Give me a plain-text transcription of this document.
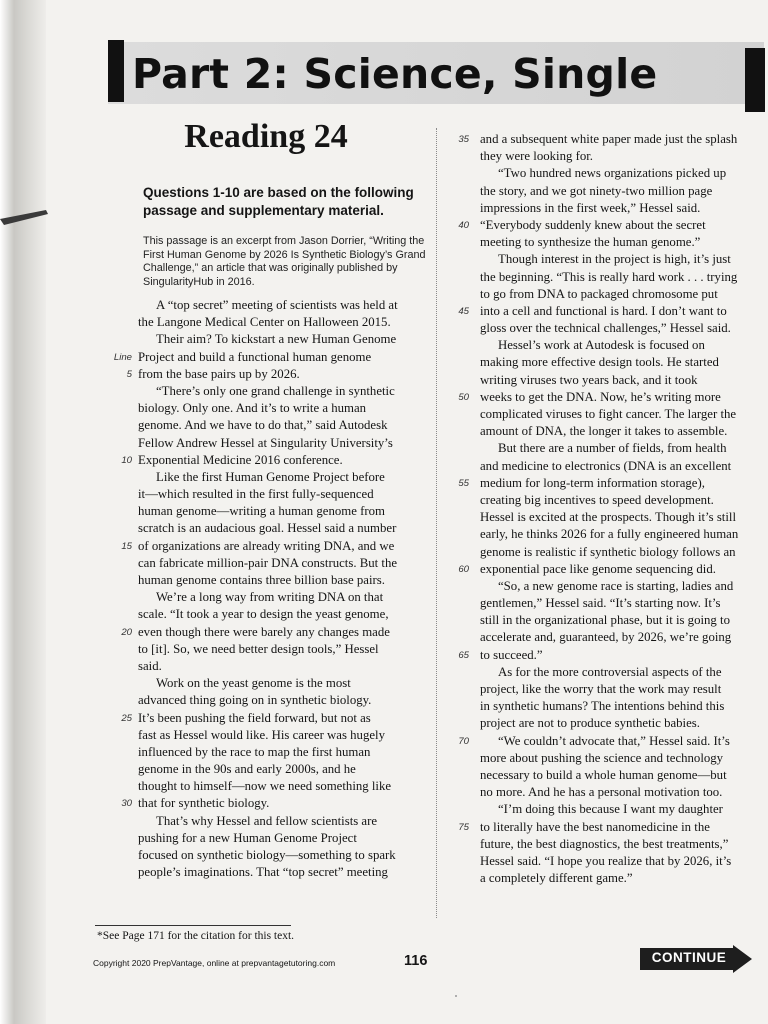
Part 2: Science, Single
Reading 24

Questions 1-10 are based on the following passage and supplementary material.

This passage is an excerpt from Jason Dorrier, “Writing the First Human Genome by 2026 Is Synthetic Biology’s Grand Challenge,” an article that was originally published by SingularityHub in 2016.

A “top secret” meeting of scientists was held at
the Langone Medical Center on Halloween 2015.
Their aim? To kickstart a new Human Genome
Line Project and build a functional human genome
5 from the base pairs up by 2026.
“There’s only one grand challenge in synthetic
biology. Only one. And it’s to write a human
genome. And we have to do that,” said Autodesk
Fellow Andrew Hessel at Singularity University’s
10 Exponential Medicine 2016 conference.
Like the first Human Genome Project before
it—which resulted in the first fully-sequenced
human genome—writing a human genome from
scratch is an audacious goal. Hessel said a number
15 of organizations are already writing DNA, and we
can fabricate million-pair DNA constructs. But the
human genome contains three billion base pairs.
We’re a long way from writing DNA on that
scale. “It took a year to design the yeast genome,
20 even though there were barely any changes made
to [it]. So, we need better design tools,” Hessel
said.
Work on the yeast genome is the most
advanced thing going on in synthetic biology.
25 It’s been pushing the field forward, but not as
fast as Hessel would like. His career was hugely
influenced by the race to map the first human
genome in the 90s and early 2000s, and he
thought to himself—now we need something like
30 that for synthetic biology.
That’s why Hessel and fellow scientists are
pushing for a new Human Genome Project
focused on synthetic biology—something to spark
people’s imaginations. That “top secret” meeting
35 and a subsequent white paper made just the splash
they were looking for.
“Two hundred news organizations picked up
the story, and we got ninety-two million page
impressions in the first week,” Hessel said.
40 “Everybody suddenly knew about the secret
meeting to synthesize the human genome.”
Though interest in the project is high, it’s just
the beginning. “This is really hard work . . . trying
to go from DNA to packaged chromosome put
45 into a cell and functional is hard. I don’t want to
gloss over the technical challenges,” Hessel said.
Hessel’s work at Autodesk is focused on
making more effective design tools. He started
writing viruses two years back, and it took
50 weeks to get the DNA. Now, he’s writing more
complicated viruses to fight cancer. The larger the
amount of DNA, the longer it takes to assemble.
But there are a number of fields, from health
and medicine to electronics (DNA is an excellent
55 medium for long-term information storage),
creating big incentives to speed development.
Hessel is excited at the prospects. Though it’s still
early, he thinks 2026 for a fully engineered human
genome is realistic if synthetic biology follows an
60 exponential pace like genome sequencing did.
“So, a new genome race is starting, ladies and
gentlemen,” Hessel said. “It’s starting now. It’s
still in the organizational phase, but it is going to
accelerate and, guaranteed, by 2026, we’re going
65 to succeed.”
As for the more controversial aspects of the
project, like the worry that the work may result
in synthetic humans? The intentions behind this
project are not to produce synthetic babies.
70 “We couldn’t advocate that,” Hessel said. It’s
more about pushing the science and technology
necessary to build a whole human genome—but
no more. And he has a personal motivation too.
“I’m doing this because I want my daughter
75 to literally have the best nanomedicine in the
future, the best diagnostics, the best treatments,”
Hessel said. “I hope you realize that by 2026, it’s
a completely different game.”

*See Page 171 for the citation for this text.

Copyright 2020 PrepVantage, online at prepvantagetutoring.com	116	CONTINUE
